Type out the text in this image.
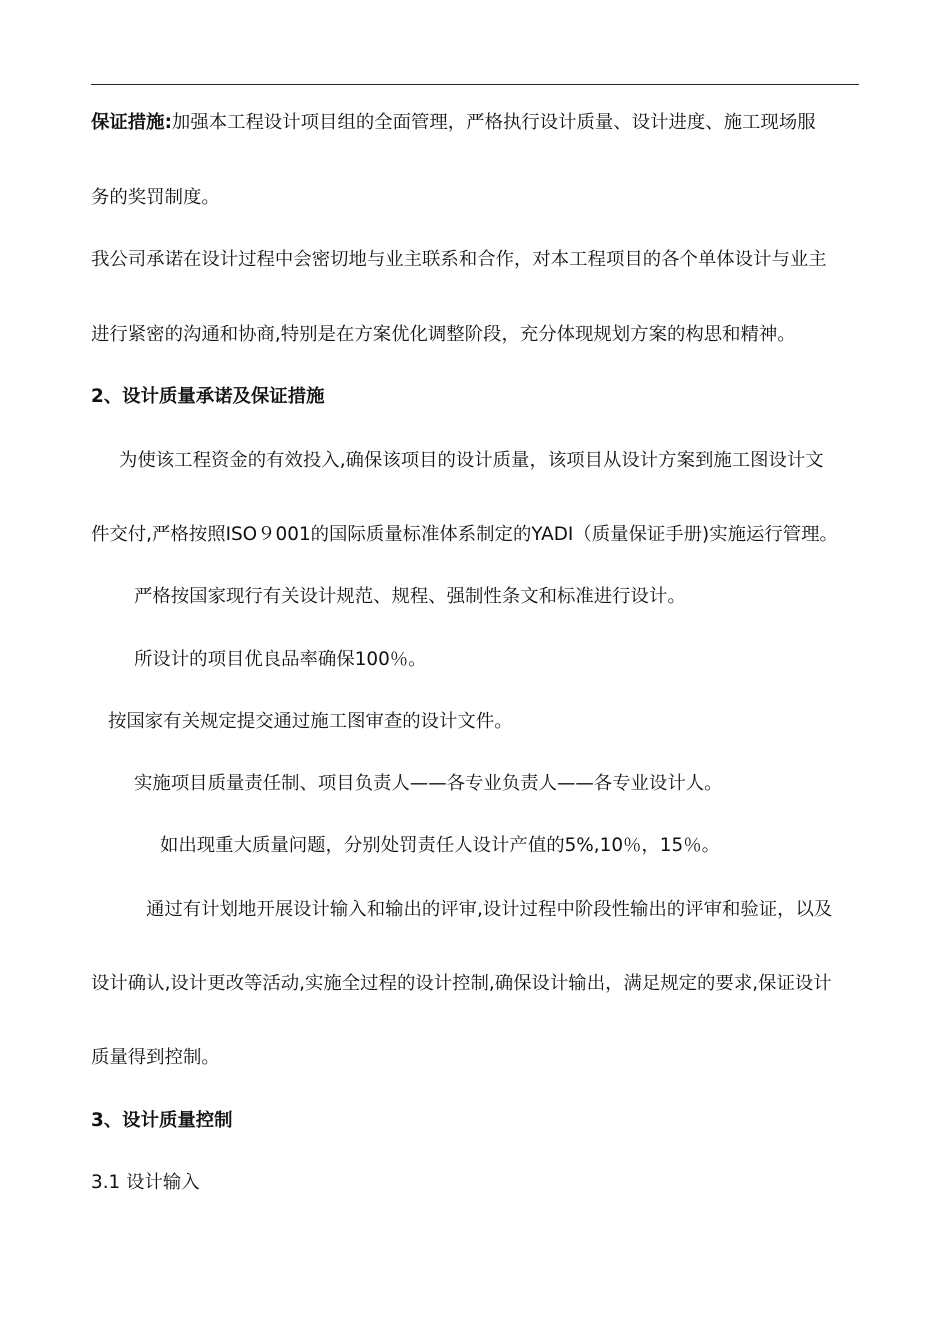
保证措施:加强本工程设计项目组的全面管理，严格执行设计质量、设计进度、施工现场服
务的奖罚制度。
我公司承诺在设计过程中会密切地与业主联系和合作，对本工程项目的各个单体设计与业主
进行紧密的沟通和协商,特别是在方案优化调整阶段，充分体现规划方案的构思和精神。
2、设计质量承诺及保证措施
为使该工程资金的有效投入,确保该项目的设计质量，该项目从设计方案到施工图设计文
件交付,严格按照ISO９001的国际质量标准体系制定的YADⅠ（质量保证手册)实施运行管理。
严格按国家现行有关设计规范、规程、强制性条文和标准进行设计。
所设计的项目优良品率确保100％。
按国家有关规定提交通过施工图审查的设计文件。
实施项目质量责任制、项目负责人——各专业负责人——各专业设计人。
如出现重大质量问题，分别处罚责任人设计产值的5%,10％，15％。
通过有计划地开展设计输入和输出的评审,设计过程中阶段性输出的评审和验证，以及
设计确认,设计更改等活动,实施全过程的设计控制,确保设计输出，满足规定的要求,保证设计
质量得到控制。
3、设计质量控制
3.1 设计输入
